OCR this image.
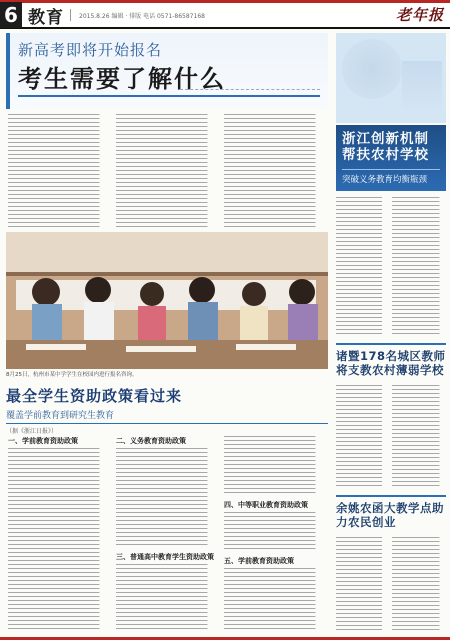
6 教育	2015.8.26 编辑 · 排版 电话 0571-86587168	老年报
新高考即将开始报名
考生需要了解什么
8月25日，杭州市某中学学生在校园内进行报名咨询。
最全学生资助政策看过来
覆盖学前教育到研究生教育
（据《浙江日报》）
一、学前教育资助政策	二、义务教育资助政策
三、普通高中教育学生资助政策
四、中等职业教育资助政策
五、学前教育资助政策
浙江创新机制帮扶农村学校
突破义务教育均衡瓶颈
诸暨178名城区教师将支教农村薄弱学校
余姚农函大教学点助力农民创业
